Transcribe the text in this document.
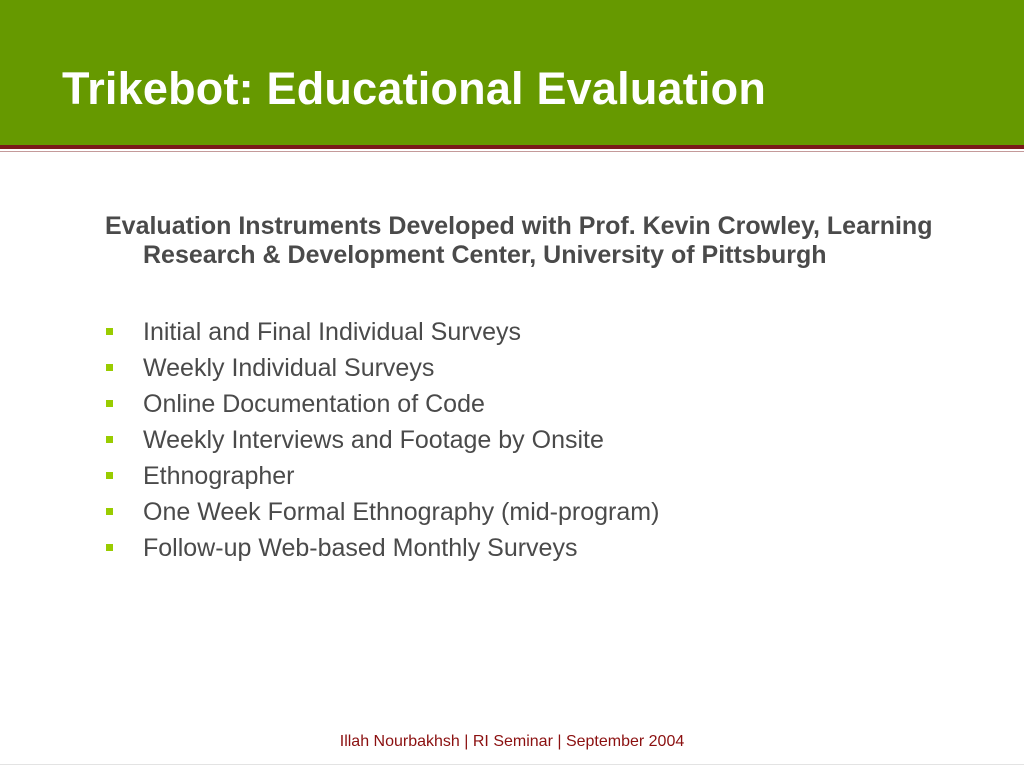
Trikebot: Educational Evaluation

Evaluation Instruments Developed with Prof. Kevin Crowley, Learning Research & Development Center, University of Pittsburgh

Initial and Final Individual Surveys
Weekly Individual Surveys
Online Documentation of Code
Weekly Interviews and Footage by Onsite
Ethnographer
One Week Formal Ethnography (mid-program)
Follow-up Web-based Monthly Surveys
Illah Nourbakhsh | RI Seminar | September 2004
